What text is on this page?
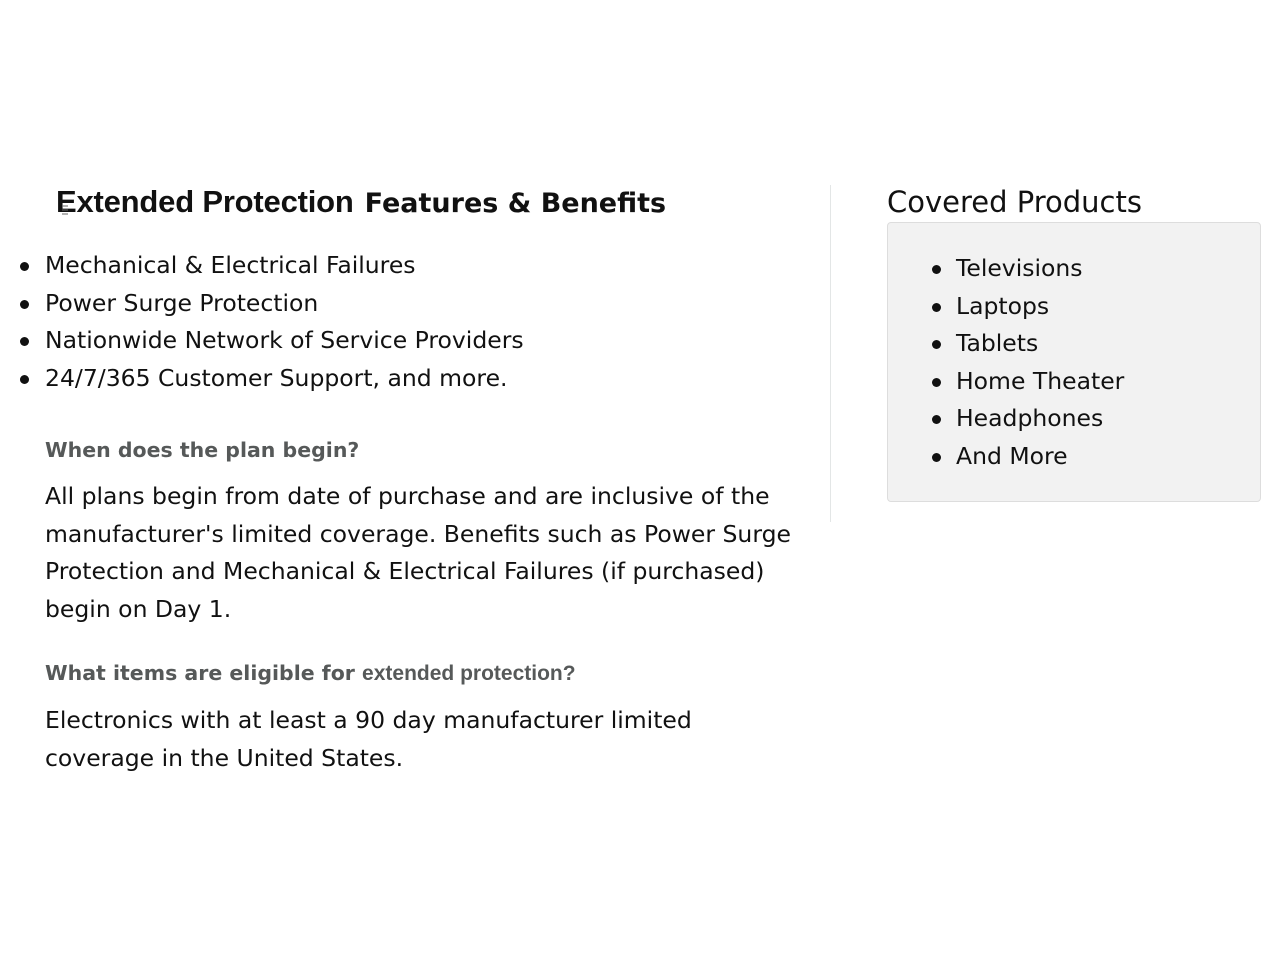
Extended Protection Features & Benefits
Mechanical & Electrical Failures
Power Surge Protection
Nationwide Network of Service Providers
24/7/365 Customer Support, and more.
When does the plan begin?

All plans begin from date of purchase and are inclusive of the manufacturer's limited coverage. Benefits such as Power Surge Protection and Mechanical & Electrical Failures (if purchased) begin on Day 1.

What items are eligible for extended protection?

Electronics with at least a 90 day manufacturer limited coverage in the United States.

Covered Products
Televisions
Laptops
Tablets
Home Theater
Headphones
And More
